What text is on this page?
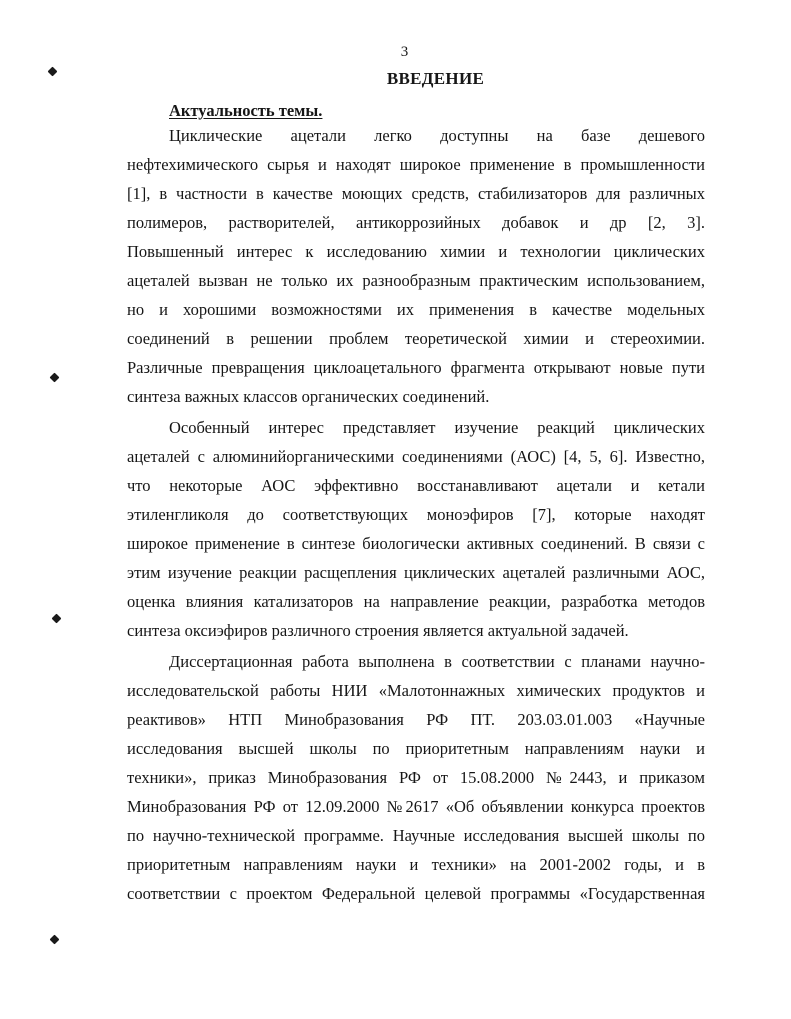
3
ВВЕДЕНИЕ
Актуальность темы.
Циклические ацетали легко доступны на базе дешевого
нефтехимического сырья и находят широкое применение в промышленности
[1], в частности в качестве моющих средств, стабилизаторов для различных
полимеров, растворителей, антикоррозийных добавок и др [2, 3].
Повышенный интерес к исследованию химии и технологии циклических
ацеталей вызван не только их разнообразным практическим использованием,
но и хорошими возможностями их применения в качестве модельных
соединений в решении проблем теоретической химии и стереохимии.
Различные превращения циклоацетального фрагмента открывают новые пути
синтеза важных классов органических соединений.
Особенный интерес представляет изучение реакций циклических
ацеталей с алюминийорганическими соединениями (АОС) [4, 5, 6]. Известно,
что некоторые АОС эффективно восстанавливают ацетали и кетали
этиленгликоля до соответствующих моноэфиров [7], которые находят
широкое применение в синтезе биологически активных соединений. В связи с
этим изучение реакции расщепления циклических ацеталей различными АОС,
оценка влияния катализаторов на направление реакции, разработка методов
синтеза оксиэфиров различного строения является актуальной задачей.
Диссертационная работа выполнена в соответствии с планами научно-
исследовательской работы НИИ «Малотоннажных химических продуктов и
реактивов» НТП Минобразования РФ ПТ. 203.03.01.003 «Научные
исследования высшей школы по приоритетным направлениям науки и
техники», приказ Минобразования РФ от 15.08.2000 №2443, и приказом
Минобразования РФ от 12.09.2000 №2617 «Об объявлении конкурса проектов
по научно-технической программе. Научные исследования высшей школы по
приоритетным направлениям науки и техники» на 2001-2002 годы, и в
соответствии с проектом Федеральной целевой программы «Государственная
